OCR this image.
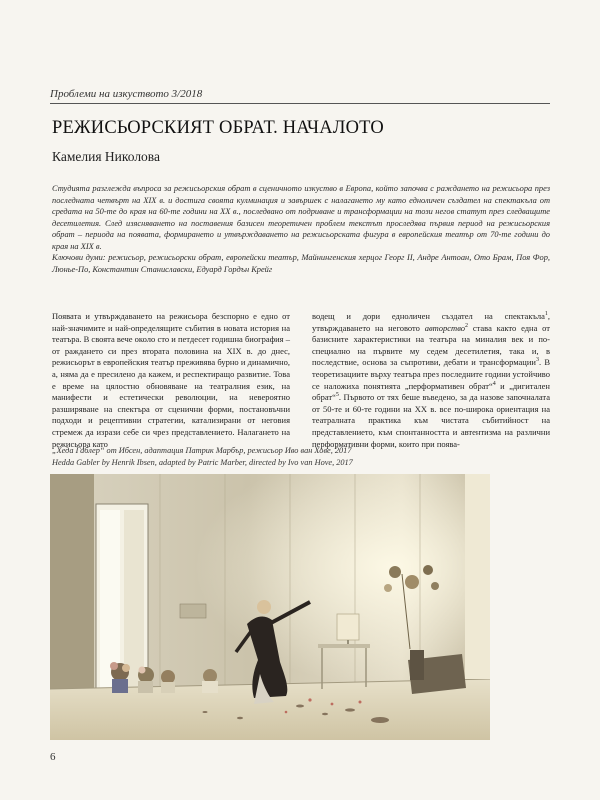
Проблеми на изкуството 3/2018
РЕЖИСЬОРСКИЯТ ОБРАТ. НАЧАЛОТО
Камелия Николова

Студията разглежда въпроса за режисьорския обрат в сценичното изкуство в Европа, който започва с раждането на режисьора през последната четвърт на XIX в. и достига своята кулминация и завършек с налагането му като едноличен създател на спектакъла от средата на 50-те до края на 60-те години на XX в., последвано от подриване и трансформации на този негов статут през следващите десетилетия. След изясняването на поставения базисен теоретичен проблем текстът проследява първия период на режисьорския обрат – периода на появата, формирането и утвърждаването на режисьорската фигура в европейския театър от 70-те години до края на XIX в.

Ключови думи: режисьор, режисьорски обрат, европейски театър, Майнингенския херцог Георг II, Андре Антоан, Ото Брам, Поя Фор, Люнье-По, Константин Станиславски, Едуард Гордън Крейг

Появата и утвърждаването на режисьора безспорно е едно от най-значимите и най-определящите събития в новата история на театъра. В своята вече около сто и петдесет годишна биография – от раждането си през втората половина на XIX в. до днес, режисьорът в европейския театър преживява бурно и динамично, а, няма да е пресилено да кажем, и респектиращо развитие. Това е време на цялостно обновяване на театралния език, на манифести и естетически революции, на невероятно разширяване на спектъра от сценични форми, постановъчни подходи и рецептивни стратегии, катализирани от неговия стремеж да изрази себе си чрез представлението. Налагането на режисьора като

водещ и дори едноличен създател на спектакъла$^1$, утвърждаването на неговото авторство$^2$ става както една от базисните характеристики на театъра на миналия век и по-специално на първите му седем десетилетия, така и, в последствие, основа за съпротиви, дебати и трансформации$^3$. В теоретизациите върху театъра през последните години устойчиво се наложиха понятията „перформативен обрат“$^4$ и „дигитален обрат“$^5$. Първото от тях беше въведено, за да назове започналата от 50-те и 60-те години на XX в. все по-широка ориентация на театралната практика към чистата събитийност на представлението, към спонтанността и автентизма на различни перформативни форми, които при поява-

„Хеда Габлер“ от Ибсен, адаптация Патрик Марбър, режисьор Иво ван Хове, 2017
Hedda Gabler by Henrik Ibsen, adapted by Patric Marber, directed by Ivo van Hove, 2017
6
